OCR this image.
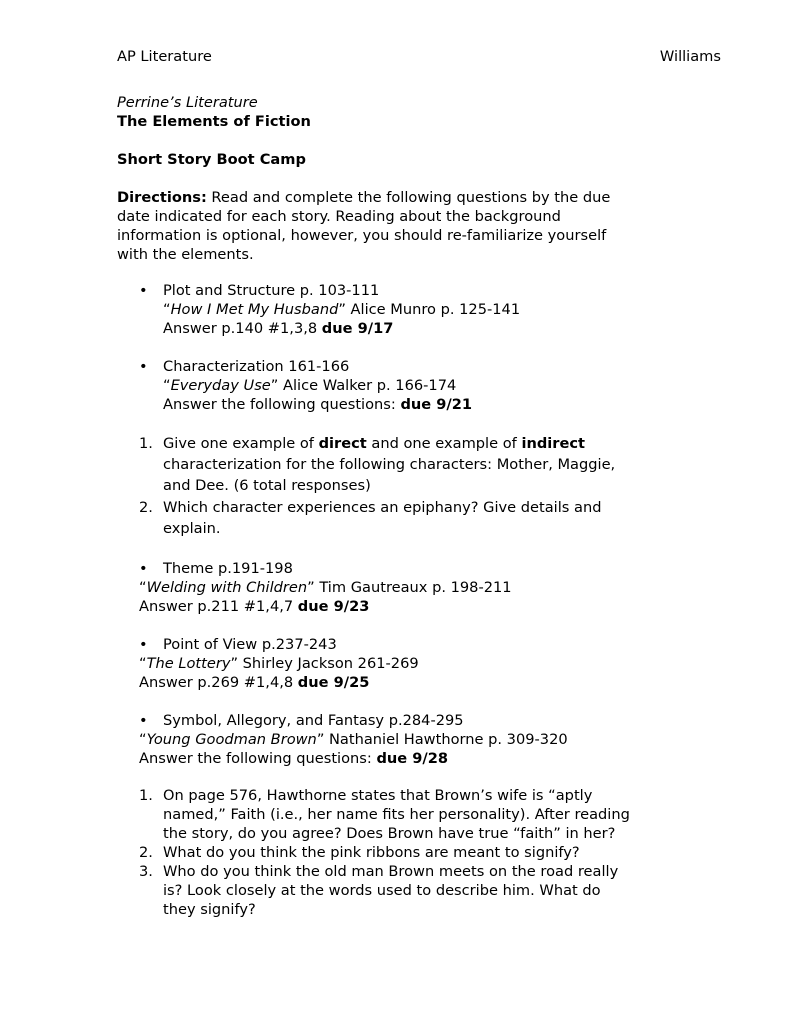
AP Literature	Williams
Perrine’s Literature
The Elements of Fiction
Short Story Boot Camp
Directions: Read and complete the following questions by the due
date indicated for each story. Reading about the background
information is optional, however, you should re-familiarize yourself
with the elements.
• Plot and Structure p. 103-111
“How I Met My Husband” Alice Munro p. 125-141
Answer p.140 #1,3,8 due 9/17
• Characterization 161-166
“Everyday Use” Alice Walker p. 166-174
Answer the following questions: due 9/21
1. Give one example of direct and one example of indirect
characterization for the following characters: Mother, Maggie,
and Dee. (6 total responses)
2. Which character experiences an epiphany? Give details and
explain.
• Theme p.191-198
“Welding with Children” Tim Gautreaux p. 198-211
Answer p.211 #1,4,7 due 9/23
• Point of View p.237-243
“The Lottery” Shirley Jackson 261-269
Answer p.269 #1,4,8 due 9/25
• Symbol, Allegory, and Fantasy p.284-295
“Young Goodman Brown” Nathaniel Hawthorne p. 309-320
Answer the following questions: due 9/28
1. On page 576, Hawthorne states that Brown’s wife is “aptly
named,” Faith (i.e., her name fits her personality). After reading
the story, do you agree? Does Brown have true “faith” in her?
2. What do you think the pink ribbons are meant to signify?
3. Who do you think the old man Brown meets on the road really
is? Look closely at the words used to describe him. What do
they signify?
